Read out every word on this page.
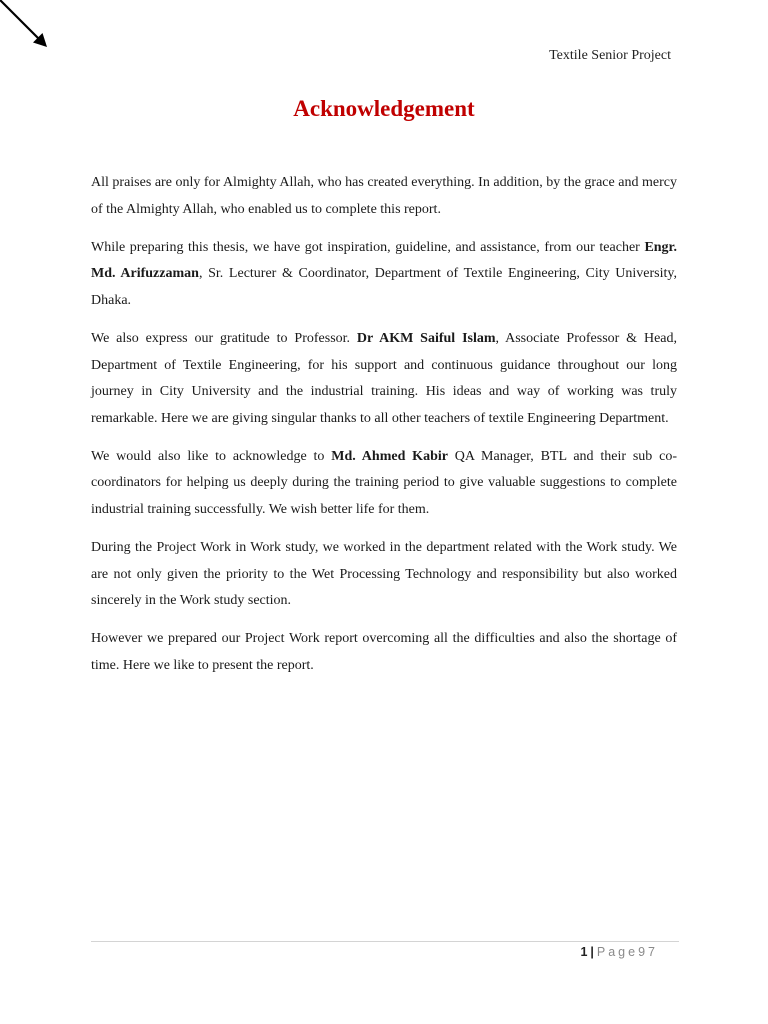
Textile Senior Project
Acknowledgement

All praises are only for Almighty Allah, who has created everything. In addition, by the grace and mercy of the Almighty Allah, who enabled us to complete this report.

While preparing this thesis, we have got inspiration, guideline, and assistance, from our teacher Engr. Md. Arifuzzaman, Sr. Lecturer & Coordinator, Department of Textile Engineering, City University, Dhaka.

We also express our gratitude to Professor. Dr AKM Saiful Islam, Associate Professor & Head, Department of Textile Engineering, for his support and continuous guidance throughout our long journey in City University and the industrial training. His ideas and way of working was truly remarkable. Here we are giving singular thanks to all other teachers of textile Engineering Department.

We would also like to acknowledge to Md. Ahmed Kabir QA Manager, BTL and their sub co-coordinators for helping us deeply during the training period to give valuable suggestions to complete industrial training successfully. We wish better life for them.

During the Project Work in Work study, we worked in the department related with the Work study. We are not only given the priority to the Wet Processing Technology and responsibility but also worked sincerely in the Work study section.

However we prepared our Project Work report overcoming all the difficulties and also the shortage of time. Here we like to present the report.

1 | Page97
